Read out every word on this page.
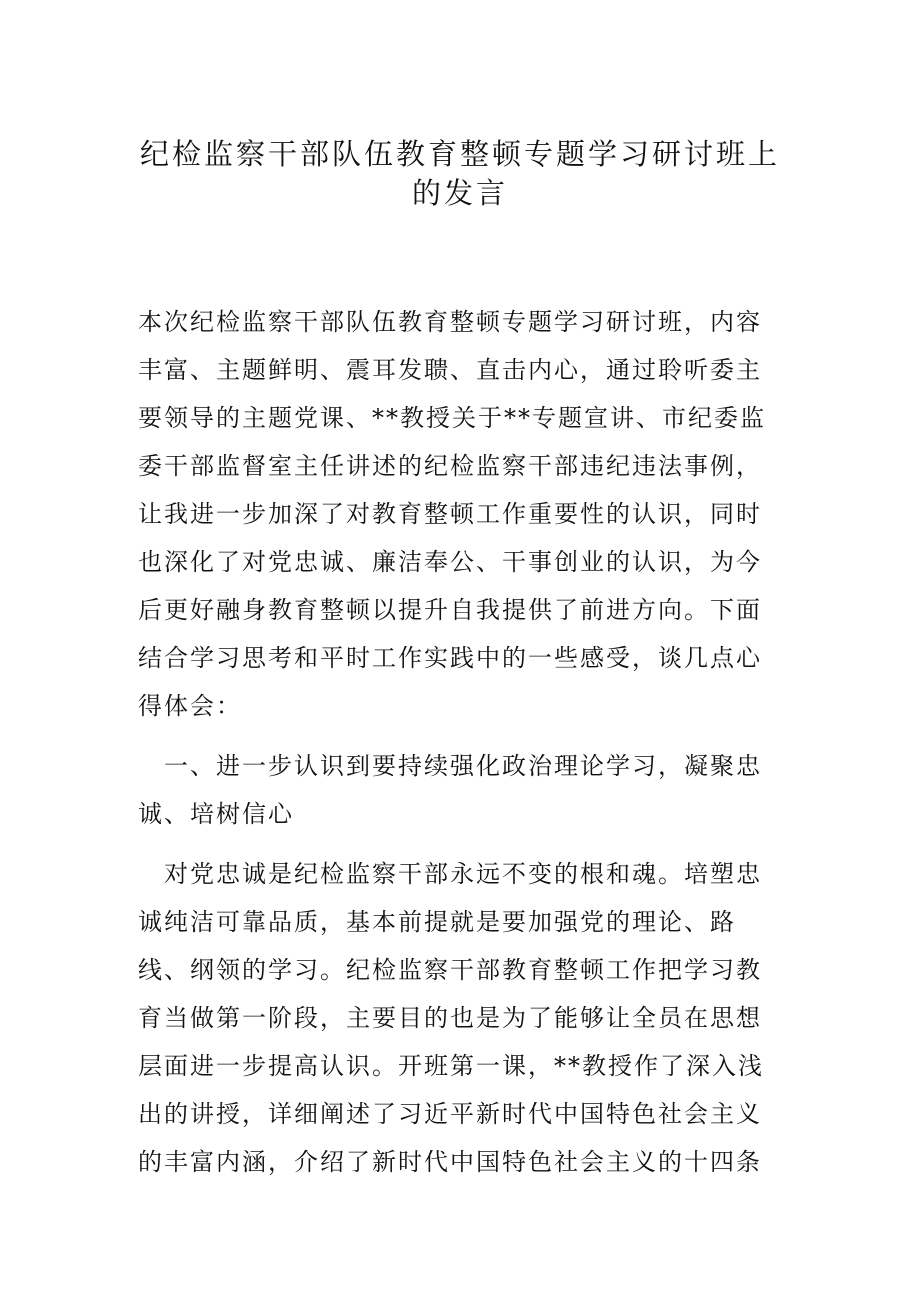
纪检监察干部队伍教育整顿专题学习研讨班上
的发言
本次纪检监察干部队伍教育整顿专题学习研讨班，内容
丰富、主题鲜明、震耳发聩、直击内心，通过聆听委主
要领导的主题党课、**教授关于**专题宣讲、市纪委监
委干部监督室主任讲述的纪检监察干部违纪违法事例，
让我进一步加深了对教育整顿工作重要性的认识，同时
也深化了对党忠诚、廉洁奉公、干事创业的认识，为今
后更好融身教育整顿以提升自我提供了前进方向。下面
结合学习思考和平时工作实践中的一些感受，谈几点心
得体会：
　一、进一步认识到要持续强化政治理论学习，凝聚忠
诚、培树信心
　对党忠诚是纪检监察干部永远不变的根和魂。培塑忠
诚纯洁可靠品质，基本前提就是要加强党的理论、路
线、纲领的学习。纪检监察干部教育整顿工作把学习教
育当做第一阶段，主要目的也是为了能够让全员在思想
层面进一步提高认识。开班第一课，**教授作了深入浅
出的讲授，详细阐述了习近平新时代中国特色社会主义
的丰富内涵，介绍了新时代中国特色社会主义的十四条
